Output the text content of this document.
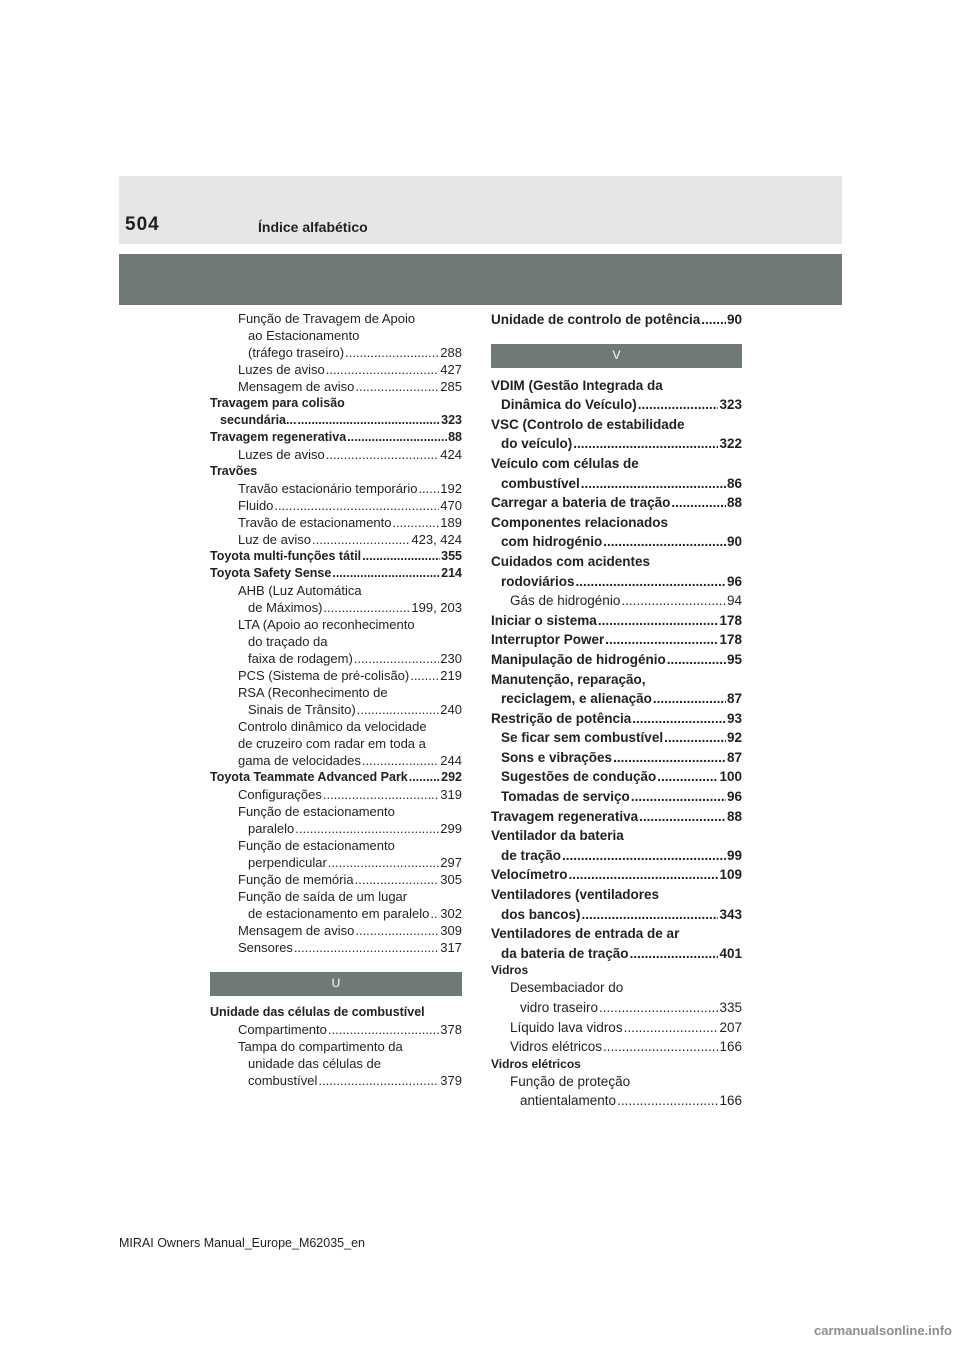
504	Índice alfabético
Função de Travagem de Apoio
ao Estacionamento
(tráfego traseiro) .....	288
Luzes de aviso .....	427
Mensagem de aviso .....	285
Travagem para colisão
secundária... .....	323
Travagem regenerativa .....	88
Luzes de aviso .....	424
Travões
Travão estacionário temporário ..... 192
Fluido .....	470
Travão de estacionamento .....	189
Luz de aviso .....	423, 424
Toyota multi-funções tátil .....	355
Toyota Safety Sense .....	214
AHB (Luz Automática
de Máximos) .....	199, 203
LTA (Apoio ao reconhecimento
do traçado da
faixa de rodagem) .....	230
PCS (Sistema de pré-colisão) ..... 219
RSA (Reconhecimento de
Sinais de Trânsito) .....	240
Controlo dinâmico da velocidade
de cruzeiro com radar em toda a
gama de velocidades .....	244
Toyota Teammate Advanced Park .....	292
Configurações .....	319
Função de estacionamento
paralelo .....	299
Função de estacionamento
perpendicular .....	297
Função de memória .....	305
Função de saída de um lugar
de estacionamento em paralelo ..... 302
Mensagem de aviso .....	309
Sensores .....	317
U
Unidade das células de combustível
Compartimento .....	378
Tampa do compartimento da
unidade das células de
combustível .....	379
Unidade de controlo de potência ..... 90
V
VDIM (Gestão Integrada da
Dinâmica do Veículo) .....	323
VSC (Controlo de estabilidade
do veículo) .....	322
Veículo com células de
combustível .....	86
Carregar a bateria de tração .....	88
Componentes relacionados
com hidrogénio .....	90
Cuidados com acidentes
rodoviários .....	96
Gás de hidrogénio .....	94
Iniciar o sistema .....	178
Interruptor Power .....	178
Manipulação de hidrogénio .....	95
Manutenção, reparação,
reciclagem, e alienação .....	87
Restrição de potência .....	93
Se ficar sem combustível .....	92
Sons e vibrações .....	87
Sugestões de condução .....	100
Tomadas de serviço .....	96
Travagem regenerativa .....	88
Ventilador da bateria
de tração .....	99
Velocímetro .....	109
Ventiladores (ventiladores
dos bancos) .....	343
Ventiladores de entrada de ar
da bateria de tração .....	401
Vidros
Desembaciador do
vidro traseiro .....	335
Líquido lava vidros .....	207
Vidros elétricos .....	166
Vidros elétricos
Função de proteção
antientalamento .....	166
MIRAI Owners Manual_Europe_M62035_en
carmanualsonline.info
